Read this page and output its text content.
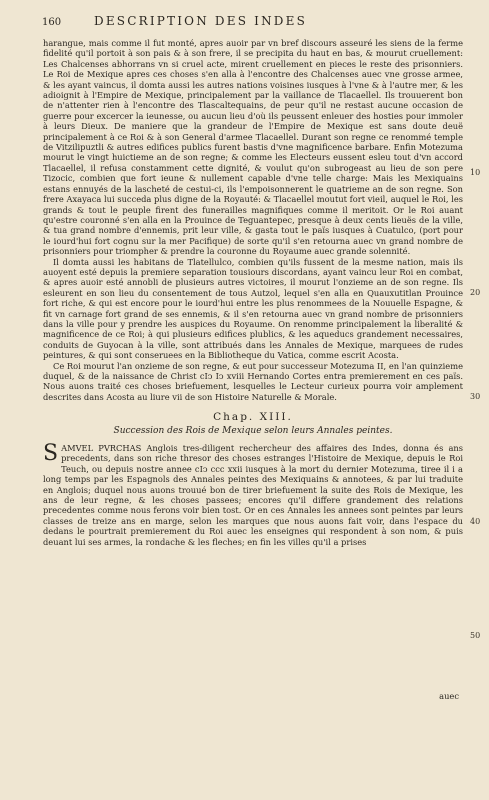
160	DESCRIPTION DES INDES

harangue, mais comme il fut monté, apres auoir par vn bref discours asseuré les siens de la ferme fidelité qu'il portoit à son pais & à son frere, il se precipita du haut en bas, & mourut cruellement: Les Chalcenses abhorrans vn si cruel acte, mirent cruellement en pieces le reste des prisonniers. Le Roi de Mexique apres ces choses s'en alla à l'encontre des Chalcenses auec vne grosse armee, & les ayant vaincus, il domta aussi les autres nations voisines iusques à l'vne & à l'autre mer, & les adioignit à l'Empire de Mexique, principalement par la vaillance de Tlacaellel. Ils trouuerent bon de n'attenter rien à l'encontre des Tlascaltequains, de peur qu'il ne restast aucune occasion de guerre pour excercer la ieunesse, ou aucun lieu d'où ils peussent enleuer des hosties pour immoler à leurs Dieux. De maniere que la grandeur de l'Empire de Mexique est sans doute deuë principalement à ce Roi & à son General d'armee Tlacaellel. Durant son regne ce renommé temple de Vitzilipuztli & autres edifices publics furent bastis d'vne magnificence barbare. Enfin Motezuma mourut le vingt huictieme an de son regne; & comme les Electeurs eussent esleu tout d'vn accord Tlacaellel, il refusa constamment cette dignité, & voulut qu'on subrogeast au lieu de son pere Tizocic, combien que fort ieune & nullement capable d'vne telle charge: Mais les Mexiquains estans ennuyés de la lascheté de cestui-ci, ils l'empoisonnerent le quatrieme an de son regne. Son frere Axayaca lui succeda plus digne de la Royauté: & Tlacaellel moutut fort vieil, auquel le Roi, les grands & tout le peuple firent des funerailles magnifiques comme il meritoit. Or le Roi auant qu'estre couronné s'en alla en la Prouince de Teguantepec, presque à deux cents lieuës de la ville, & tua grand nombre d'ennemis, prit leur ville, & gasta tout le païs iusques à Cuatulco, (port pour le iourd'hui fort cognu sur la mer Pacifique) de sorte qu'il s'en retourna auec vn grand nombre de prisonniers pour triompher & prendre la couronne du Royaume auec grande solennité.

Il domta aussi les habitans de Tlatellulco, combien qu'ils fussent de la mesme nation, mais ils auoyent esté depuis la premiere separation tousiours discordans, ayant vaincu leur Roi en combat, & apres auoir esté annobli de plusieurs autres victoires, il mourut l'onzieme an de son regne. Ils esleurent en son lieu du consentement de tous Autzol, lequel s'en alla en Quauxutitlan Prouince fort riche, & qui est encore pour le iourd'hui entre les plus renommees de la Nouuelle Espagne, & fit vn carnage fort grand de ses ennemis, & il s'en retourna auec vn grand nombre de prisonniers dans la ville pour y prendre les auspices du Royaume. On renomme principalement la liberalité & magnificence de ce Roi; à qui plusieurs edifices plublics, & les aqueducs grandement necessaires, conduits de Guyocan à la ville, sont attribués dans les Annales de Mexique, marquees de rudes peintures, & qui sont conseruees en la Bibliotheque du Vatica, comme escrit Acosta.

Ce Roi mourut l'an onzieme de son regne, & eut pour successeur Motezuma II, en l'an quinzieme duquel, & de la naissance de Christ cIↄ Iↄ xviii Hernando Cortes entra premierement en ces païs. Nous auons traité ces choses briefuement, lesquelles le Lecteur curieux pourra voir amplement descrites dans Acosta au liure vii de son Histoire Naturelle & Morale.

Chap. XIII.
Succession des Rois de Mexique selon leurs Annales peintes.

SAMVEL PVRCHAS Anglois tres-diligent rechercheur des affaires des Indes, donna és ans precedents, dans son riche thresor des choses estranges l'Histoire de Mexique, depuis le Roi Teuch, ou depuis nostre annee cIↄ ccc xxii iusques à la mort du dernier Motezuma, tiree il i a long temps par les Espagnols des Annales peintes des Mexiquains & annotees, & par lui traduite en Anglois; duquel nous auons trouué bon de tirer briefuement la suite des Rois de Mexique, les ans de leur regne, & les choses passees; encores qu'il differe grandement des relations precedentes comme nous ferons voir bien tost. Or en ces Annales les annees sont peintes par leurs classes de treize ans en marge, selon les marques que nous auons fait voir, dans l'espace du dedans le pourtrait premierement du Roi auec les enseignes qui respondent à son nom, & puis deuant lui ses armes, la rondache & les fleches; en fin les villes qu'il a prises

10
20
30
40
50
auec
